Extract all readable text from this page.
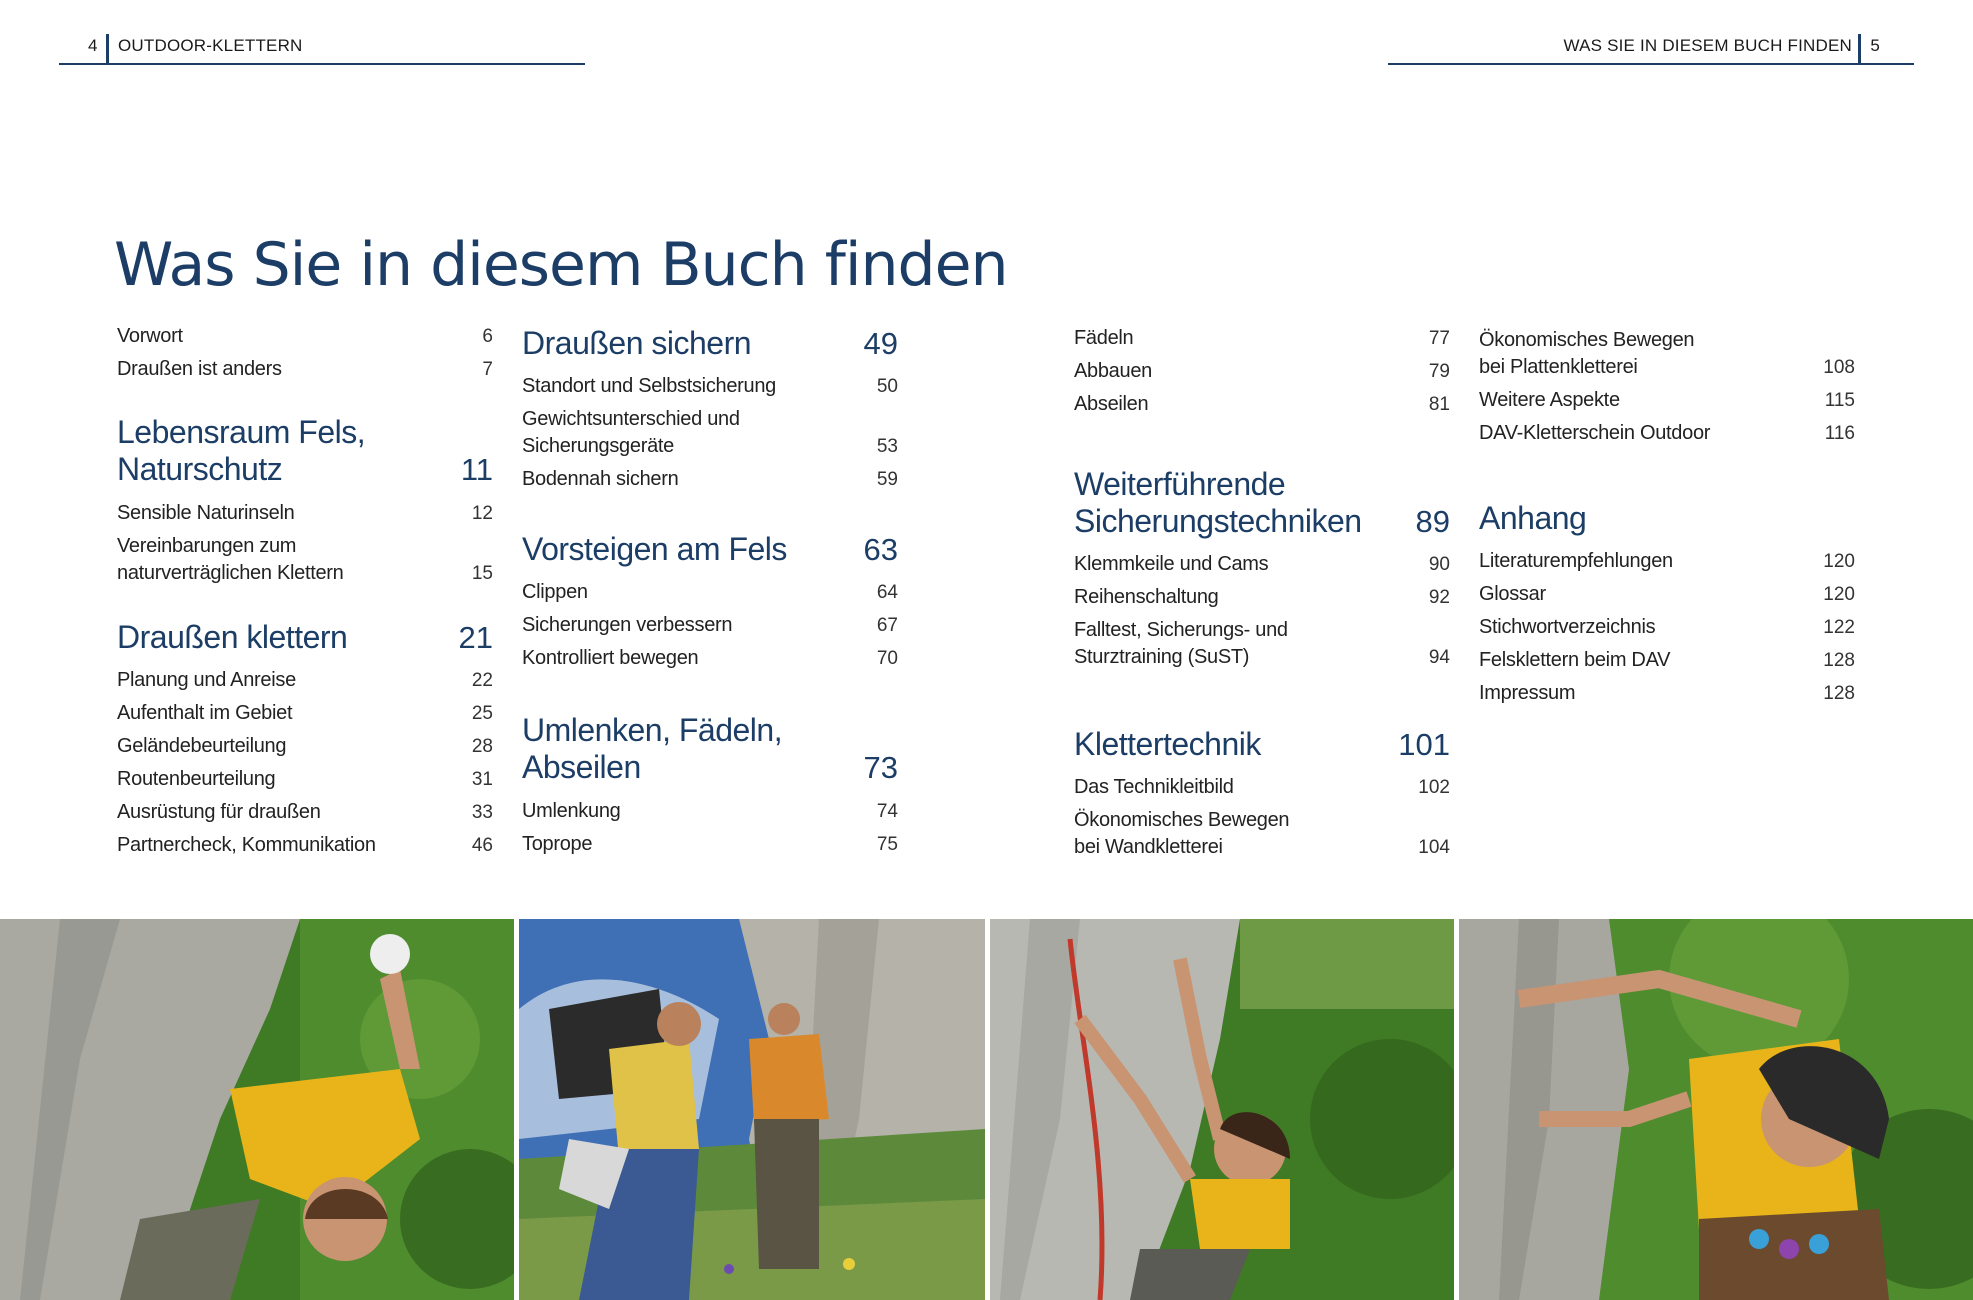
4 OUTDOOR-KLETTERN	WAS SIE IN DIESEM BUCH FINDEN 5
Was Sie in diesem Buch finden
Vorwort	6
Draußen ist anders	7
Lebensraum Fels,
Naturschutz	11
Sensible Naturinseln	12
Vereinbarungen zum
naturverträglichen Klettern	15
Draußen klettern	21
Planung und Anreise	22
Aufenthalt im Gebiet	25
Geländebeurteilung	28
Routenbeurteilung	31
Ausrüstung für draußen	33
Partnercheck, Kommunikation	46
Draußen sichern	49
Standort und Selbstsicherung	50
Gewichtsunterschied und
Sicherungsgeräte	53
Bodennah sichern	59
Vorsteigen am Fels 63
Clippen	64
Sicherungen verbessern	67
Kontrolliert bewegen	70
Umlenken, Fädeln,
Abseilen	73
Umlenkung	74
Toprope	75
Fädeln	77
Abbauen	79
Abseilen	81
Weiterführende
Sicherungstechniken 89
Klemmkeile und Cams	90
Reihenschaltung	92
Falltest, Sicherungs- und
Sturztraining (SuST)	94
Klettertechnik	101
Das Technikleitbild	102
Ökonomisches Bewegen
bei Wandkletterei	104
Ökonomisches Bewegen
bei Plattenkletterei	108
Weitere Aspekte	115
DAV-Kletterschein Outdoor	116
Anhang
Literaturempfehlungen	120
Glossar	120
Stichwortverzeichnis	122
Felsklettern beim DAV	128
Impressum	128
